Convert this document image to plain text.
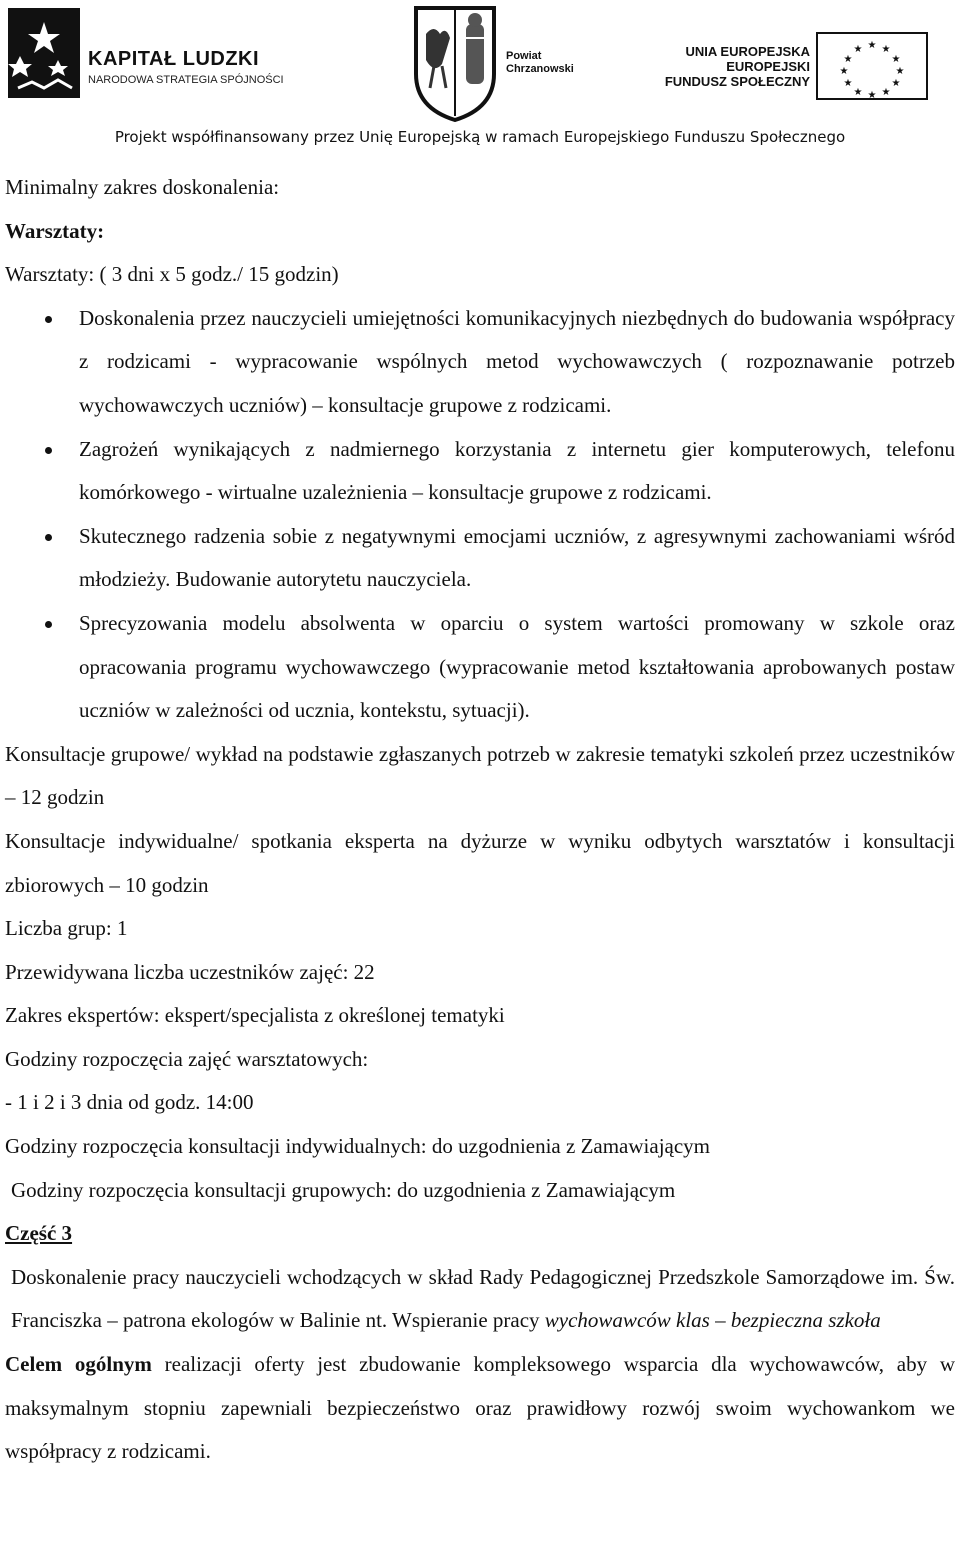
KAPITAŁ LUDZKI
NARODOWA STRATEGIA SPÓJNOŚCI
Powiat
Chrzanowski
UNIA EUROPEJSKA
EUROPEJSKI
FUNDUSZ SPOŁECZNY
★ ★
★
★
★
★
★
★
★
★
★
★
Projekt współfinansowany przez Unię Europejską w ramach Europejskiego Funduszu Społecznego

Minimalny zakres doskonalenia:

Warsztaty:

Warsztaty: ( 3 dni x 5 godz./ 15 godzin)

Doskonalenia przez nauczycieli umiejętności komunikacyjnych niezbędnych do budowania współpracy z rodzicami - wypracowanie wspólnych metod wychowawczych ( rozpoznawanie potrzeb wychowawczych uczniów) – konsultacje grupowe z rodzicami.
Zagrożeń wynikających z nadmiernego korzystania z internetu gier komputerowych, telefonu komórkowego - wirtualne uzależnienia – konsultacje grupowe z rodzicami.
Skutecznego radzenia sobie z negatywnymi emocjami uczniów, z agresywnymi zachowaniami wśród młodzieży. Budowanie autorytetu nauczyciela.
Sprecyzowania modelu absolwenta w oparciu o system wartości promowany w szkole oraz opracowania programu wychowawczego (wypracowanie metod kształtowania aprobowanych postaw uczniów w zależności od ucznia, kontekstu, sytuacji).

Konsultacje grupowe/ wykład na podstawie zgłaszanych potrzeb w zakresie tematyki szkoleń przez uczestników – 12 godzin

Konsultacje indywidualne/ spotkania eksperta na dyżurze w wyniku odbytych warsztatów i konsultacji zbiorowych – 10 godzin

Liczba grup: 1

Przewidywana liczba uczestników zajęć: 22

Zakres ekspertów: ekspert/specjalista z określonej tematyki

Godziny rozpoczęcia zajęć warsztatowych:

- 1 i 2 i 3 dnia od godz. 14:00

Godziny rozpoczęcia konsultacji indywidualnych: do uzgodnienia z Zamawiającym

Godziny rozpoczęcia konsultacji grupowych: do uzgodnienia z Zamawiającym

Część 3

Doskonalenie pracy nauczycieli wchodzących w skład Rady Pedagogicznej Przedszkole Samorządowe im. Św. Franciszka – patrona ekologów w Balinie nt. Wspieranie pracy wychowawców klas – bezpieczna szkoła

Celem ogólnym realizacji oferty jest zbudowanie kompleksowego wsparcia dla wychowawców, aby w maksymalnym stopniu zapewniali bezpieczeństwo oraz prawidłowy rozwój swoim wychowankom we współpracy z rodzicami.
